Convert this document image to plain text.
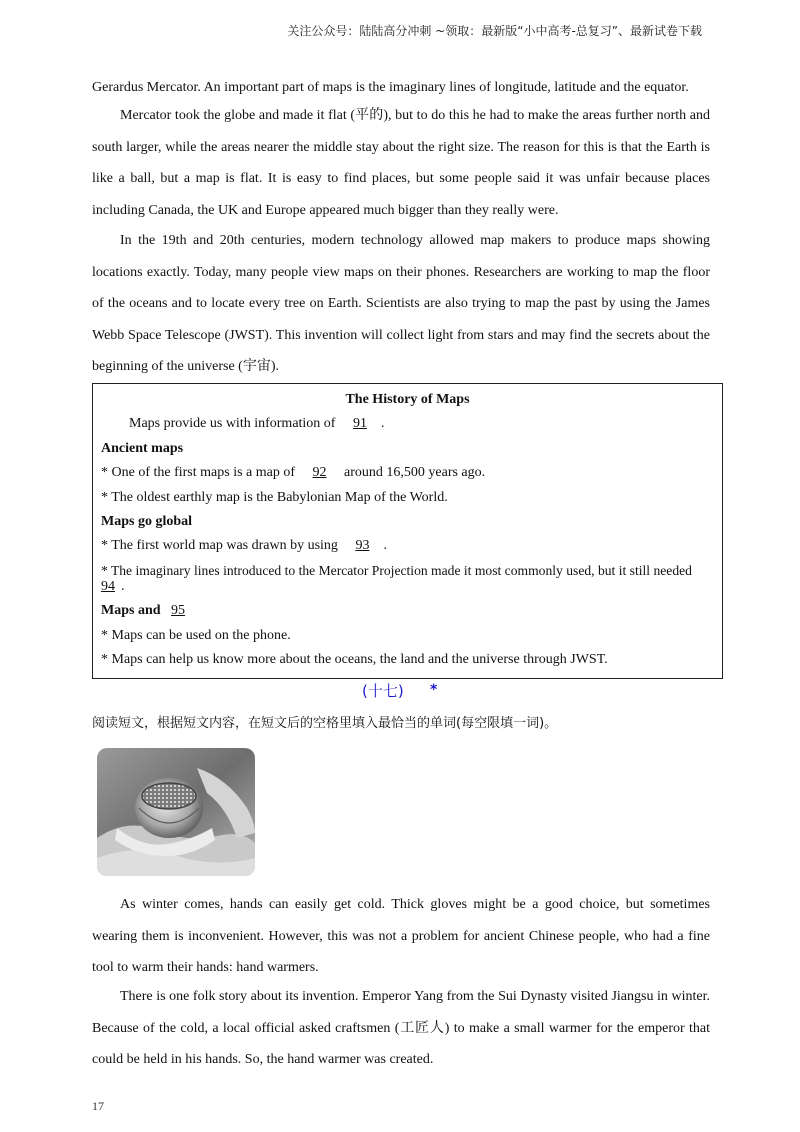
关注公众号：陆陆高分冲刺 ~领取：最新版“小中高考-总复习”、最新试卷下载

Gerardus Mercator. An important part of maps is the imaginary lines of longitude, latitude and the equator.

Mercator took the globe and made it flat (平的), but to do this he had to make the areas further north and south larger, while the areas nearer the middle stay about the right size. The reason for this is that the Earth is like a ball, but a map is flat. It is easy to find places, but some people said it was unfair because places including Canada, the UK and Europe appeared much bigger than they really were.

In the 19th and 20th centuries, modern technology allowed map makers to produce maps showing locations exactly. Today, many people view maps on their phones. Researchers are working to map the floor of the oceans and to locate every tree on Earth. Scientists are also trying to map the past by using the James Webb Space Telescope (JWST). This invention will collect light from stars and may find the secrets about the beginning of the universe (宇宙).

The History of Maps
Maps provide us with information of 91 .
Ancient maps
* One of the first maps is a map of 92 around 16,500 years ago.
* The oldest earthly map is the Babylonian Map of the World.
Maps go global
* The first world map was drawn by using 93 .
* The imaginary lines introduced to the Mercator Projection made it most commonly used, but it still needed
94 .
Maps and 95
* Maps can be used on the phone.
* Maps can help us know more about the oceans, the land and the universe through JWST.
(十七) *
阅读短文，根据短文内容，在短文后的空格里填入最恰当的单词(每空限填一词)。

As winter comes, hands can easily get cold. Thick gloves might be a good choice, but sometimes wearing them is inconvenient. However, this was not a problem for ancient Chinese people, who had a fine tool to warm their hands: hand warmers.

There is one folk story about its invention. Emperor Yang from the Sui Dynasty visited Jiangsu in winter. Because of the cold, a local official asked craftsmen (工匠人) to make a small warmer for the emperor that could be held in his hands. So, the hand warmer was created.

17
